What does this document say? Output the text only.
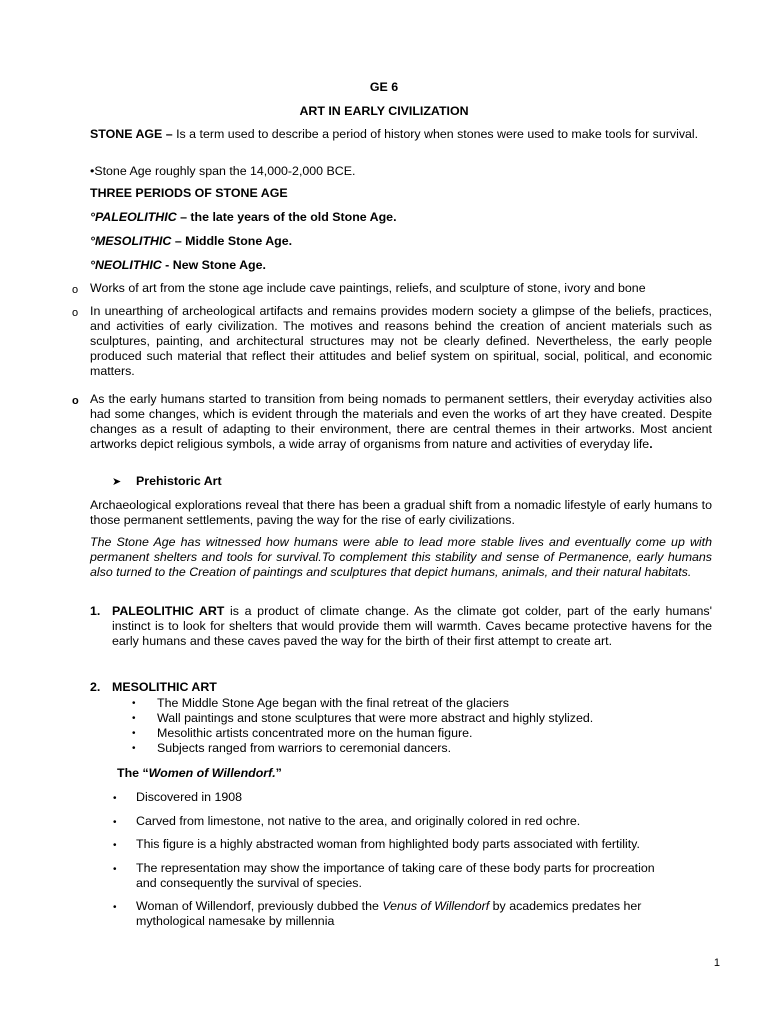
GE 6
ART IN EARLY CIVILIZATION

STONE AGE – Is a term used to describe a period of history when stones were used to make tools for survival.

•Stone Age roughly span the 14,000-2,000 BCE.

THREE PERIODS OF STONE AGE

°PALEOLITHIC – the late years of the old Stone Age.

°MESOLITHIC – Middle Stone Age.

°NEOLITHIC - New Stone Age.

o Works of art from the stone age include cave paintings, reliefs, and sculpture of stone, ivory and bone

o In unearthing of archeological artifacts and remains provides modern society a glimpse of the beliefs, practices, and activities of early civilization. The motives and reasons behind the creation of ancient materials such as sculptures, painting, and architectural structures may not be clearly defined. Nevertheless, the early people produced such material that reflect their attitudes and belief system on spiritual, social, political, and economic matters.

o As the early humans started to transition from being nomads to permanent settlers, their everyday activities also had some changes, which is evident through the materials and even the works of art they have created. Despite changes as a result of adapting to their environment, there are central themes in their artworks. Most ancient artworks depict religious symbols, a wide array of organisms from nature and activities of everyday life.

➤ Prehistoric Art

Archaeological explorations reveal that there has been a gradual shift from a nomadic lifestyle of early humans to those permanent settlements, paving the way for the rise of early civilizations.

The Stone Age has witnessed how humans were able to lead more stable lives and eventually come up with permanent shelters and tools for survival.To complement this stability and sense of Permanence, early humans also turned to the Creation of paintings and sculptures that depict humans, animals, and their natural habitats.

1. PALEOLITHIC ART is a product of climate change. As the climate got colder, part of the early humans' instinct is to look for shelters that would provide them will warmth. Caves became protective havens for the early humans and these caves paved the way for the birth of their first attempt to create art.

2. MESOLITHIC ART

• The Middle Stone Age began with the final retreat of the glaciers

• Wall paintings and stone sculptures that were more abstract and highly stylized.

• Mesolithic artists concentrated more on the human figure.

• Subjects ranged from warriors to ceremonial dancers.

The “Women of Willendorf.”

• Discovered in 1908

• Carved from limestone, not native to the area, and originally colored in red ochre.

• This figure is a highly abstracted woman from highlighted body parts associated with fertility.

• The representation may show the importance of taking care of these body parts for procreation and consequently the survival of species.

• Woman of Willendorf, previously dubbed the Venus of Willendorf by academics predates her mythological namesake by millennia

1
